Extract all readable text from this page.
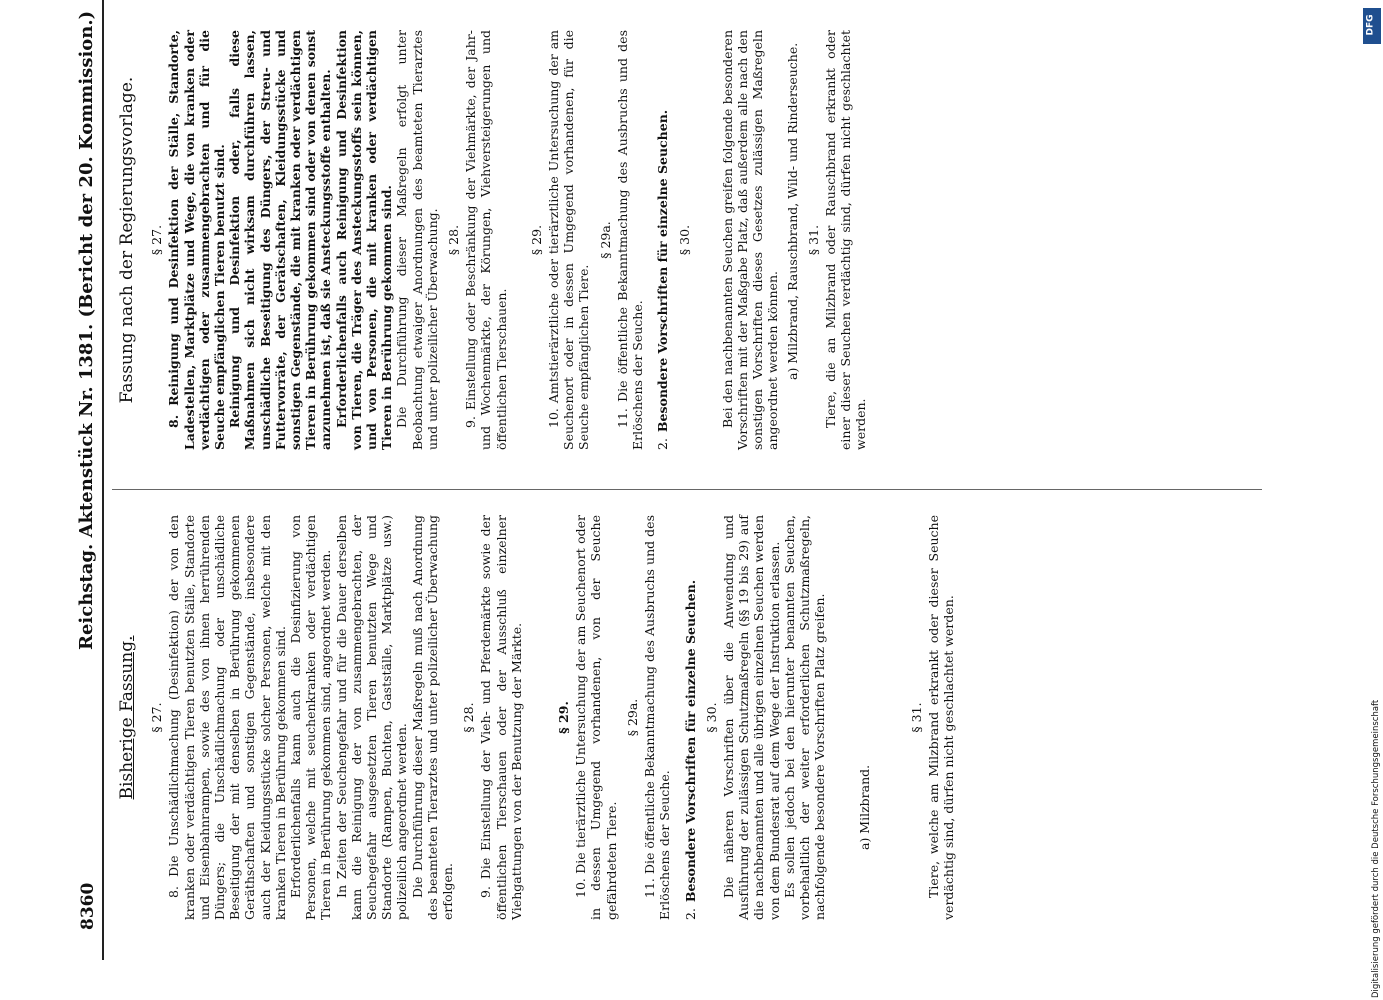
8360
Reichstag. Aktenstück Nr. 1381. (Bericht der 20. Kommission.)
Bisherige Fassung. § 27. 8. Die Unschädlichmachung (Desinfektion) der von den kranken oder verdächtigen Tieren benutzten Ställe, Standorte und Eisenbahnrampen, sowie des von ihnen herrührenden Düngers; die Unschädlichmachung oder unschädliche Beseitigung der mit denselben in Berührung gekommenen Geräthschaften und sonstigen Gegenstände, insbesondere auch der Kleidungsstücke solcher Personen, welche mit den kranken Tieren in Berührung gekommen sind. Erforderlichenfalls kann auch die Desinfizierung von Personen, welche mit seuchenkranken oder verdächtigen Tieren in Berührung gekommen sind, angeordnet werden. In Zeiten der Seuchengefahr und für die Dauer derselben kann die Reinigung der von zusammengebrachten, der Seuchegefahr ausgesetzten Tieren benutzten Wege und Standorte (Rampen, Buchten, Gastställe, Marktplätze usw.) polizeilich angeordnet werden. Die Durchführung dieser Maßregeln muß nach Anordnung des beamteten Tierarztes und unter polizeilicher Überwachung erfolgen.

§ 28. 9. Die Einstellung der Vieh- und Pferdemärkte sowie der öffentlichen Tierschauen oder der Ausschluß einzelner Viehgattungen von der Benutzung der Märkte.	§ 29. 10. Die tierärztliche Untersuchung der am Seuchenort oder in dessen Umgegend vorhandenen, von der Seuche gefährdeten Tiere.

§ 29a. 11. Die öffentliche Bekanntmachung des Ausbruchs und des Erlöschens der Seuche. 2.Besondere Vorschriften für einzelne Seuchen. § 30. Die näheren Vorschriften über die Anwendung und Ausführung der zulässigen Schutzmaßregeln (§§ 19 bis 29) auf die nachbenannten und alle übrigen einzelnen Seuchen werden von dem Bundesrat auf dem Wege der Instruktion erlassen. Es sollen jedoch bei den hierunter benannten Seuchen, vorbehaltlich der weiter erforderlichen Schutzmaßregeln, nachfolgende besondere Vorschriften Platz greifen. a) Milzbrand.
§ 31. Tiere, welche am Milzbrand erkrankt oder dieser Seuche verdächtig sind, dürfen nicht geschlachtet werden.

Fassung nach der Regierungsvorlage. § 27. 8. Reinigung und Desinfektion der Ställe, Standorte, Ladestellen, Marktplätze und Wege, die von kranken oder verdächtigen oder zusammengebrachten und für die Seuche empfänglichen Tieren benutzt sind. Reinigung und Desinfektion oder, falls diese Maßnahmen sich nicht wirksam durchführen lassen, unschädliche Beseitigung des Düngers, der Streu- und Futtervorräte, der Gerätschaften, Kleidungsstücke und sonstigen Gegenstände, die mit kranken oder verdächtigen Tieren in Berührung gekommen sind oder von denen sonst anzunehmen ist, daß sie Ansteckungsstoffe enthalten. Erforderlichenfalls auch Reinigung und Desinfektion von Tieren, die Träger des Ansteckungsstoffs sein können, und von Personen, die mit kranken oder verdächtigen Tieren in Berührung gekommen sind. Die Durchführung dieser Maßregeln erfolgt unter Beobachtung etwaiger Anordnungen des beamteten Tierarztes und unter polizeilicher Überwachung. § 28. 9. Einstellung oder Beschränkung der Viehmärkte, der Jahr- und Wochenmärkte, der Körungen, Viehversteigerungen und öffentlichen Tierschauen.

§ 29. 10. Amtstierärztliche oder tierärztliche Untersuchung der am Seuchenort oder in dessen Umgegend vorhandenen, für die Seuche empfänglichen Tiere.

§ 29a. 11. Die öffentliche Bekanntmachung des Ausbruchs und des Erlöschens der Seuche. 2.Besondere Vorschriften für einzelne Seuchen. § 30. Bei den nachbenannten Seuchen greifen folgende besonderen Vorschriften mit der Maßgabe Platz, daß außerdem alle nach den sonstigen Vorschriften dieses Gesetzes zulässigen Maßregeln angeordnet werden können. a) Milzbrand, Rauschbrand, Wild- und Rinderseuche. § 31. Tiere, die an Milzbrand oder Rauschbrand erkrankt oder einer dieser Seuchen verdächtig sind, dürfen nicht geschlachtet werden.

Digitalisierung gefördert durch die Deutsche Forschungsgemeinschaft
DFG
